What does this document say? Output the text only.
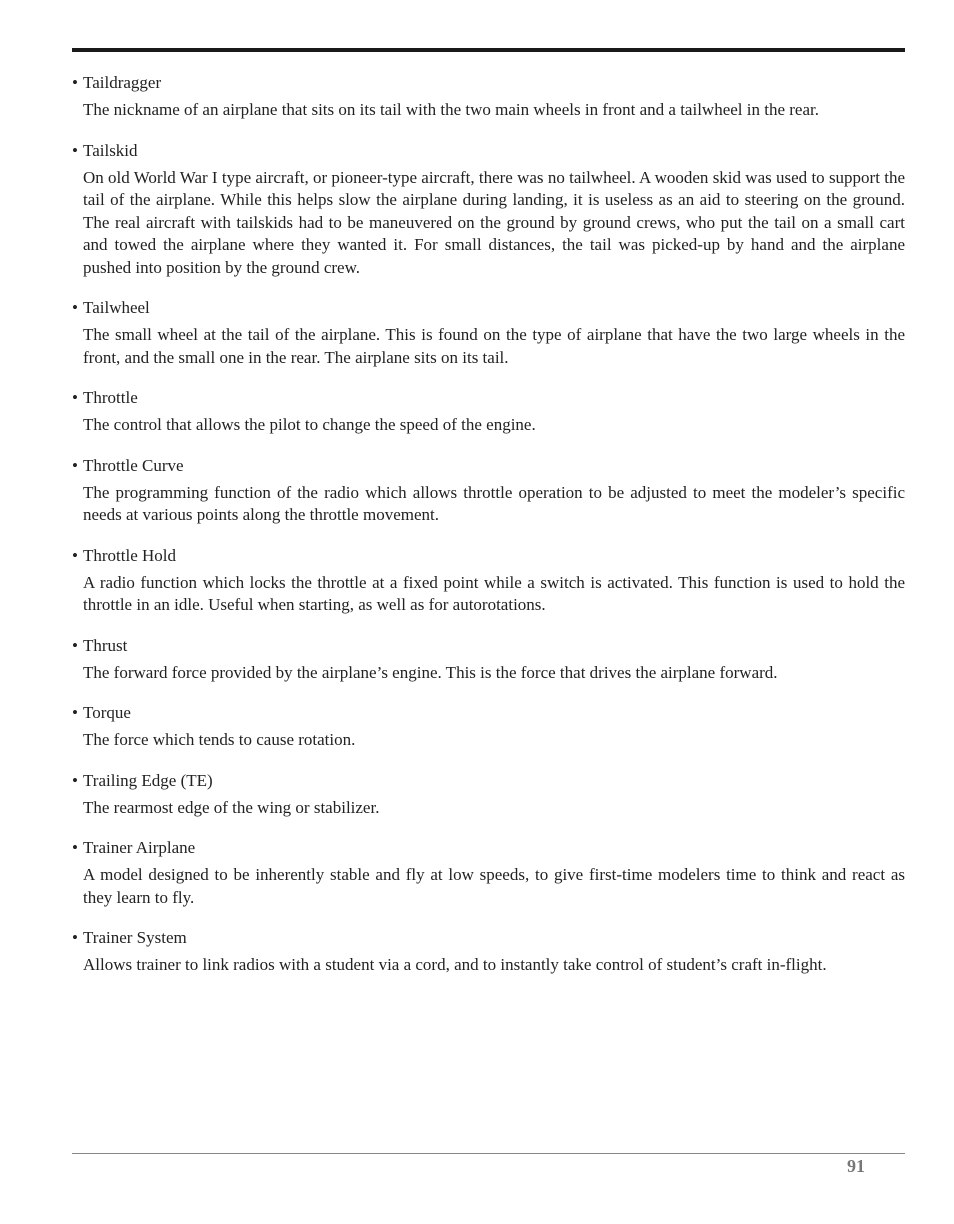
• Taildragger

The nickname of an airplane that sits on its tail with the two main wheels in front and a tailwheel in the rear.

• Tailskid

On old World War I type aircraft, or pioneer-type aircraft, there was no tailwheel. A wooden skid was used to support the tail of the airplane. While this helps slow the airplane during landing, it is useless as an aid to steering on the ground. The real aircraft with tailskids had to be maneuvered on the ground by ground crews, who put the tail on a small cart and towed the airplane where they wanted it. For small distances, the tail was picked-up by hand and the airplane pushed into position by the ground crew.

• Tailwheel

The small wheel at the tail of the airplane. This is found on the type of airplane that have the two large wheels in the front, and the small one in the rear. The airplane sits on its tail.

• Throttle

The control that allows the pilot to change the speed of the engine.

• Throttle Curve

The programming function of the radio which allows throttle operation to be adjusted to meet the modeler’s specific needs at various points along the throttle movement.

• Throttle Hold

A radio function which locks the throttle at a fixed point while a switch is activated. This function is used to hold the throttle in an idle. Useful when starting, as well as for autorotations.

• Thrust

The forward force provided by the airplane’s engine. This is the force that drives the airplane forward.

• Torque

The force which tends to cause rotation.

• Trailing Edge (TE)

The rearmost edge of the wing or stabilizer.

• Trainer Airplane

A model designed to be inherently stable and fly at low speeds, to give first-time modelers time to think and react as they learn to fly.

• Trainer System

Allows trainer to link radios with a student via a cord, and to instantly take control of student’s craft in-flight.

91
